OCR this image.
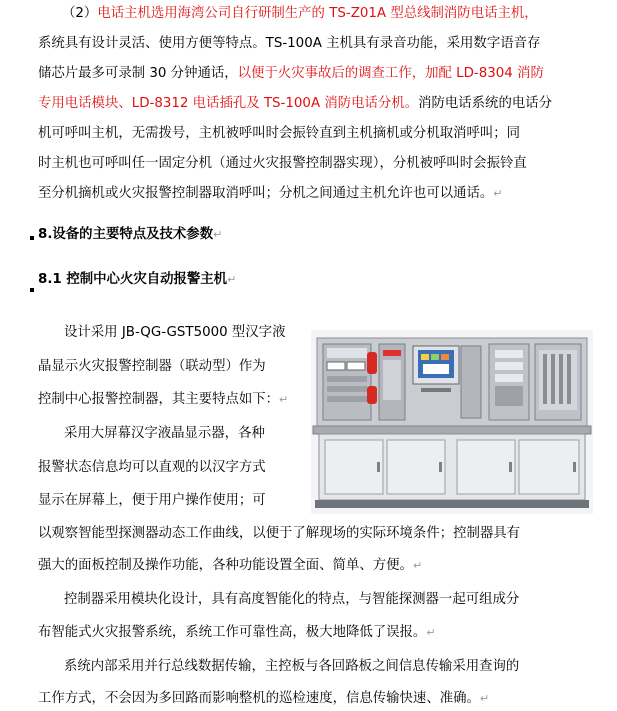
（2）电话主机选用海湾公司自行研制生产的 TS-Z01A 型总线制消防电话主机，
系统具有设计灵活、使用方便等特点。TS-100A 主机具有录音功能，采用数字语音存
储芯片最多可录制 30 分钟通话，以便于火灾事故后的调查工作，加配 LD-8304 消防
专用电话模块、LD-8312 电话插孔及 TS-100A 消防电话分机。消防电话系统的电话分
机可呼叫主机，无需拨号，主机被呼叫时会振铃直到主机摘机或分机取消呼叫；同
时主机也可呼叫任一固定分机（通过火灾报警控制器实现），分机被呼叫时会振铃直
至分机摘机或火灾报警控制器取消呼叫；分机之间通过主机允许也可以通话。↵
8.设备的主要特点及技术参数↵
8.1 控制中心火灾自动报警主机↵
设计采用 JB-QG-GST5000 型汉字液
晶显示火灾报警控制器（联动型）作为
控制中心报警控制器，其主要特点如下：↵
采用大屏幕汉字液晶显示器，各种
报警状态信息均可以直观的以汉字方式
显示在屏幕上，便于用户操作使用；可
以观察智能型探测器动态工作曲线，以便于了解现场的实际环境条件；控制器具有
强大的面板控制及操作功能，各种功能设置全面、简单、方便。↵
控制器采用模块化设计，具有高度智能化的特点，与智能探测器一起可组成分
布智能式火灾报警系统，系统工作可靠性高，极大地降低了误报。↵
系统内部采用并行总线数据传输，主控板与各回路板之间信息传输采用查询的
工作方式，不会因为多回路而影响整机的巡检速度，信息传输快速、准确。↵
